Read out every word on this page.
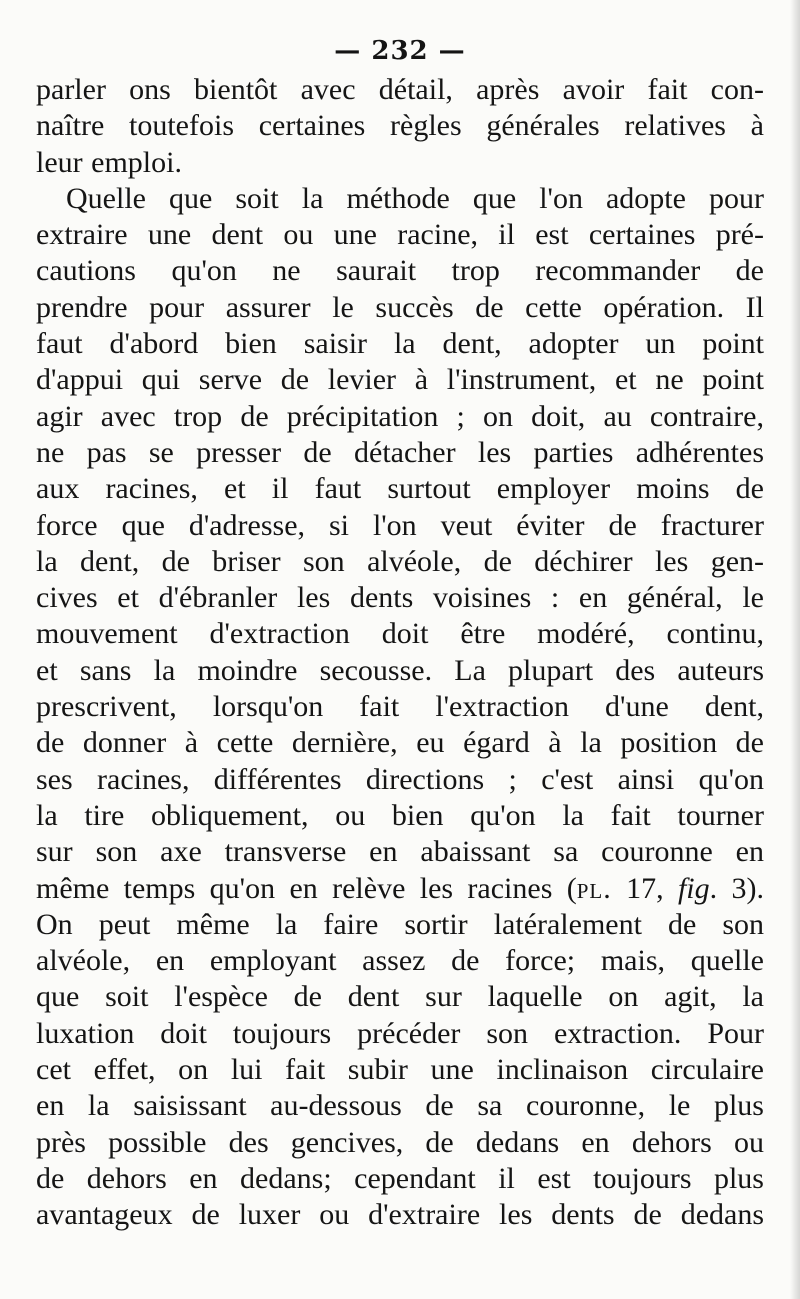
— 232 —
parler ons bientôt avec détail, après avoir fait con-
naître toutefois certaines règles générales relatives à
leur emploi.
Quelle que soit la méthode que l'on adopte pour
extraire une dent ou une racine, il est certaines pré-
cautions qu'on ne saurait trop recommander de
prendre pour assurer le succès de cette opération. Il
faut d'abord bien saisir la dent, adopter un point
d'appui qui serve de levier à l'instrument, et ne point
agir avec trop de précipitation ; on doit, au contraire,
ne pas se presser de détacher les parties adhérentes
aux racines, et il faut surtout employer moins de
force que d'adresse, si l'on veut éviter de fracturer
la dent, de briser son alvéole, de déchirer les gen-
cives et d'ébranler les dents voisines : en général, le
mouvement d'extraction doit être modéré, continu,
et sans la moindre secousse. La plupart des auteurs
prescrivent, lorsqu'on fait l'extraction d'une dent,
de donner à cette dernière, eu égard à la position de
ses racines, différentes directions ; c'est ainsi qu'on
la tire obliquement, ou bien qu'on la fait tourner
sur son axe transverse en abaissant sa couronne en
même temps qu'on en relève les racines (pl. 17, fig. 3).
On peut même la faire sortir latéralement de son
alvéole, en employant assez de force; mais, quelle
que soit l'espèce de dent sur laquelle on agit, la
luxation doit toujours précéder son extraction. Pour
cet effet, on lui fait subir une inclinaison circulaire
en la saisissant au-dessous de sa couronne, le plus
près possible des gencives, de dedans en dehors ou
de dehors en dedans; cependant il est toujours plus
avantageux de luxer ou d'extraire les dents de dedans
